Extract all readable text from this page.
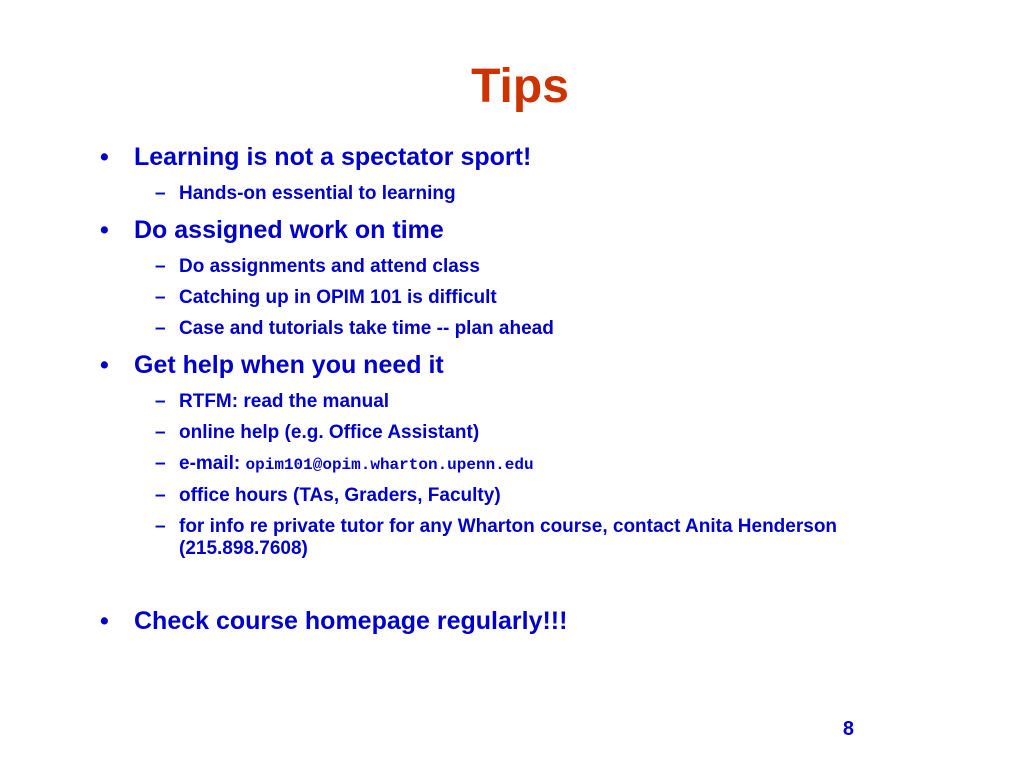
Tips
• Learning is not a spectator sport!
– Hands-on essential to learning
• Do assigned work on time
– Do assignments and attend class
– Catching up in OPIM 101 is difficult
– Case and tutorials take time -- plan ahead
• Get help when you need it
– RTFM: read the manual
– online help (e.g. Office Assistant)
– e-mail: opim101@opim.wharton.upenn.edu
– office hours (TAs, Graders, Faculty)
– for info re private tutor for any Wharton course, contact Anita Henderson (215.898.7608)
• Check course homepage regularly!!!
8
